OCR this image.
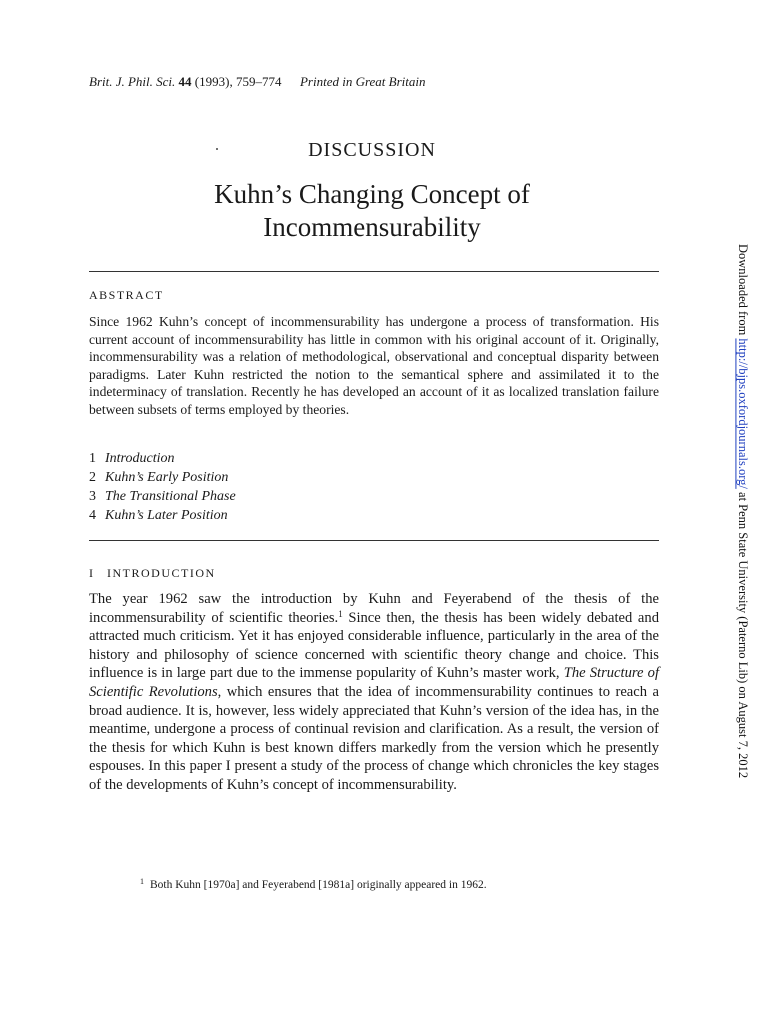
Brit. J. Phil. Sci. 44 (1993), 759–774 Printed in Great Britain
DISCUSSION
Kuhn’s Changing Concept of
Incommensurability
ABSTRACT
Since 1962 Kuhn’s concept of incommensurability has undergone a process of transformation. His current account of incommensurability has little in common with his original account of it. Originally, incommensurability was a relation of methodological, observational and conceptual disparity between paradigms. Later Kuhn restricted the notion to the semantical sphere and assimilated it to the indeterminacy of translation. Recently he has developed an account of it as localized translation failure between subsets of terms employed by theories.
1 Introduction
2 Kuhn’s Early Position
3 The Transitional Phase
4 Kuhn’s Later Position
I INTRODUCTION
The year 1962 saw the introduction by Kuhn and Feyerabend of the thesis of the incommensurability of scientific theories.$^1$ Since then, the thesis has been widely debated and attracted much criticism. Yet it has enjoyed considerable influence, particularly in the area of the history and philosophy of science concerned with scientific theory change and choice. This influence is in large part due to the immense popularity of Kuhn’s master work, The Structure of Scientific Revolutions, which ensures that the idea of incommensurability continues to reach a broad audience. It is, however, less widely appreciated that Kuhn’s version of the idea has, in the meantime, undergone a process of continual revision and clarification. As a result, the version of the thesis for which Kuhn is best known differs markedly from the version which he presently espouses. In this paper I present a study of the process of change which chronicles the key stages of the developments of Kuhn’s concept of incommensurability.
$^1$ Both Kuhn [1970a] and Feyerabend [1981a] originally appeared in 1962.
Downloaded from http://bjps.oxfordjournals.org/ at Penn State University (Paterno Lib) on August 7, 2012
